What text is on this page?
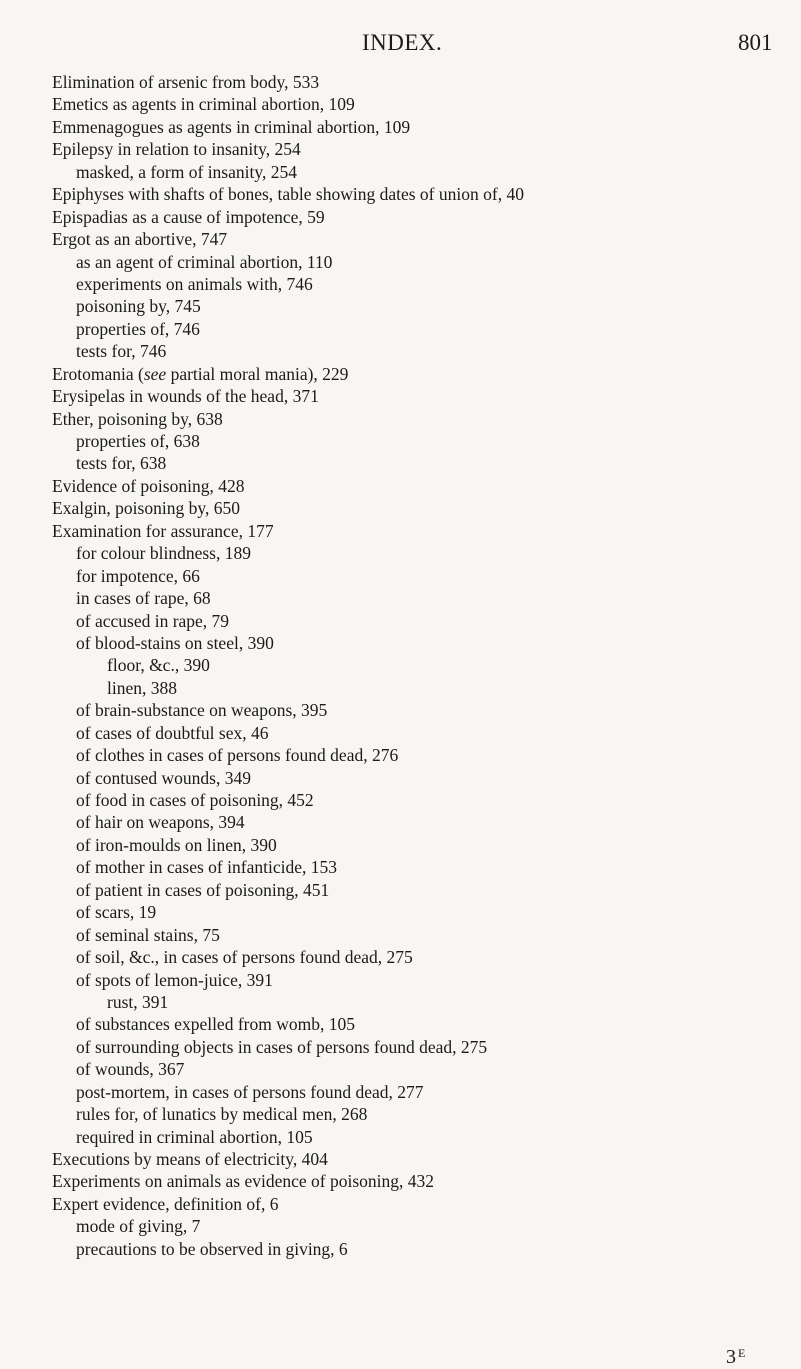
INDEX.	801
Elimination of arsenic from body, 533
Emetics as agents in criminal abortion, 109
Emmenagogues as agents in criminal abortion, 109
Epilepsy in relation to insanity, 254
masked, a form of insanity, 254
Epiphyses with shafts of bones, table showing dates of union of, 40
Epispadias as a cause of impotence, 59
Ergot as an abortive, 747
as an agent of criminal abortion, 110
experiments on animals with, 746
poisoning by, 745
properties of, 746
tests for, 746
Erotomania (see partial moral mania), 229
Erysipelas in wounds of the head, 371
Ether, poisoning by, 638
properties of, 638
tests for, 638
Evidence of poisoning, 428
Exalgin, poisoning by, 650
Examination for assurance, 177
for colour blindness, 189
for impotence, 66
in cases of rape, 68
of accused in rape, 79
of blood-stains on steel, 390
floor, &c., 390
linen, 388
of brain-substance on weapons, 395
of cases of doubtful sex, 46
of clothes in cases of persons found dead, 276
of contused wounds, 349
of food in cases of poisoning, 452
of hair on weapons, 394
of iron-moulds on linen, 390
of mother in cases of infanticide, 153
of patient in cases of poisoning, 451
of scars, 19
of seminal stains, 75
of soil, &c., in cases of persons found dead, 275
of spots of lemon-juice, 391
rust, 391
of substances expelled from womb, 105
of surrounding objects in cases of persons found dead, 275
of wounds, 367
post-mortem, in cases of persons found dead, 277
rules for, of lunatics by medical men, 268
required in criminal abortion, 105
Executions by means of electricity, 404
Experiments on animals as evidence of poisoning, 432
Expert evidence, definition of, 6
mode of giving, 7
precautions to be observed in giving, 6
3 $^E$
